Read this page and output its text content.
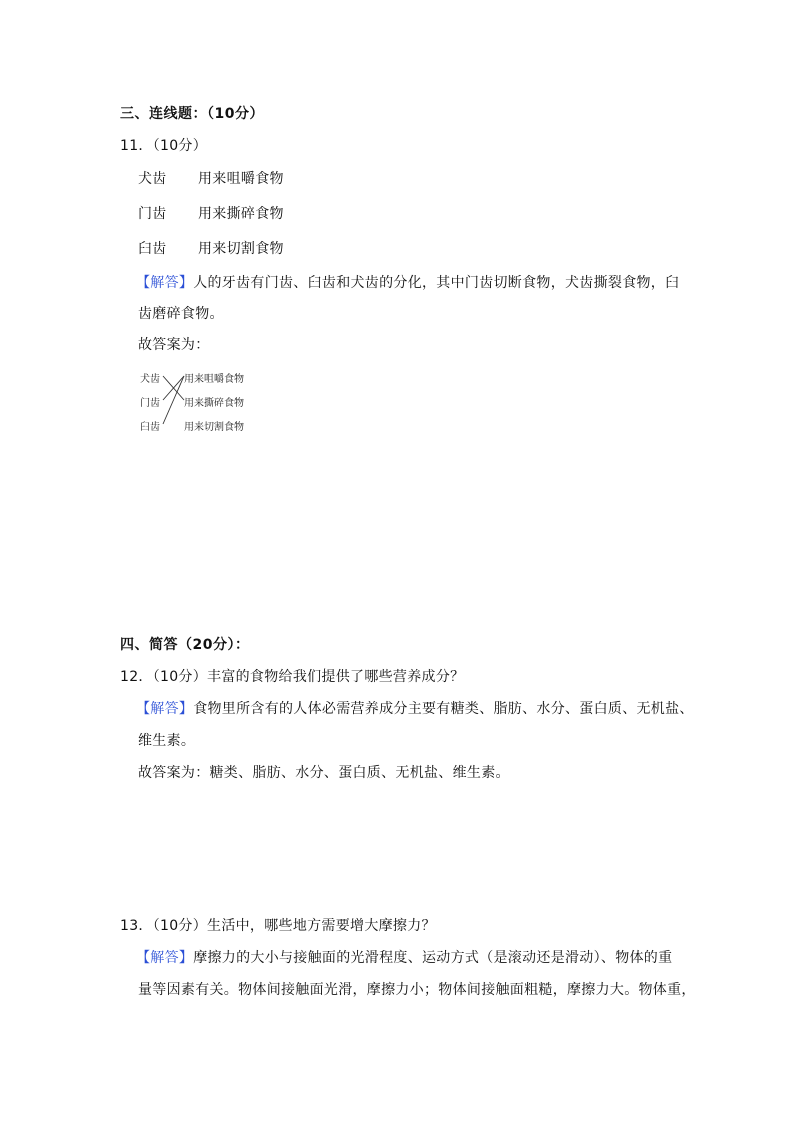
三、连线题：（10分）
11．（10分）
犬齿 用来咀嚼食物
门齿 用来撕碎食物
臼齿 用来切割食物
【解答】人的牙齿有门齿、臼齿和犬齿的分化，其中门齿切断食物，犬齿撕裂食物，臼
齿磨碎食物。
故答案为：
犬齿
门齿
臼齿
用来咀嚼食物
用来撕碎食物
用来切割食物
四、简答（20分）：
12．（10分）丰富的食物给我们提供了哪些营养成分？
【解答】食物里所含有的人体必需营养成分主要有糖类、脂肪、水分、蛋白质、无机盐、
维生素。
故答案为：糖类、脂肪、水分、蛋白质、无机盐、维生素。
13．（10分）生活中，哪些地方需要增大摩擦力？
【解答】摩擦力的大小与接触面的光滑程度、运动方式（是滚动还是滑动）、物体的重
量等因素有关。物体间接触面光滑，摩擦力小；物体间接触面粗糙，摩擦力大。物体重，
